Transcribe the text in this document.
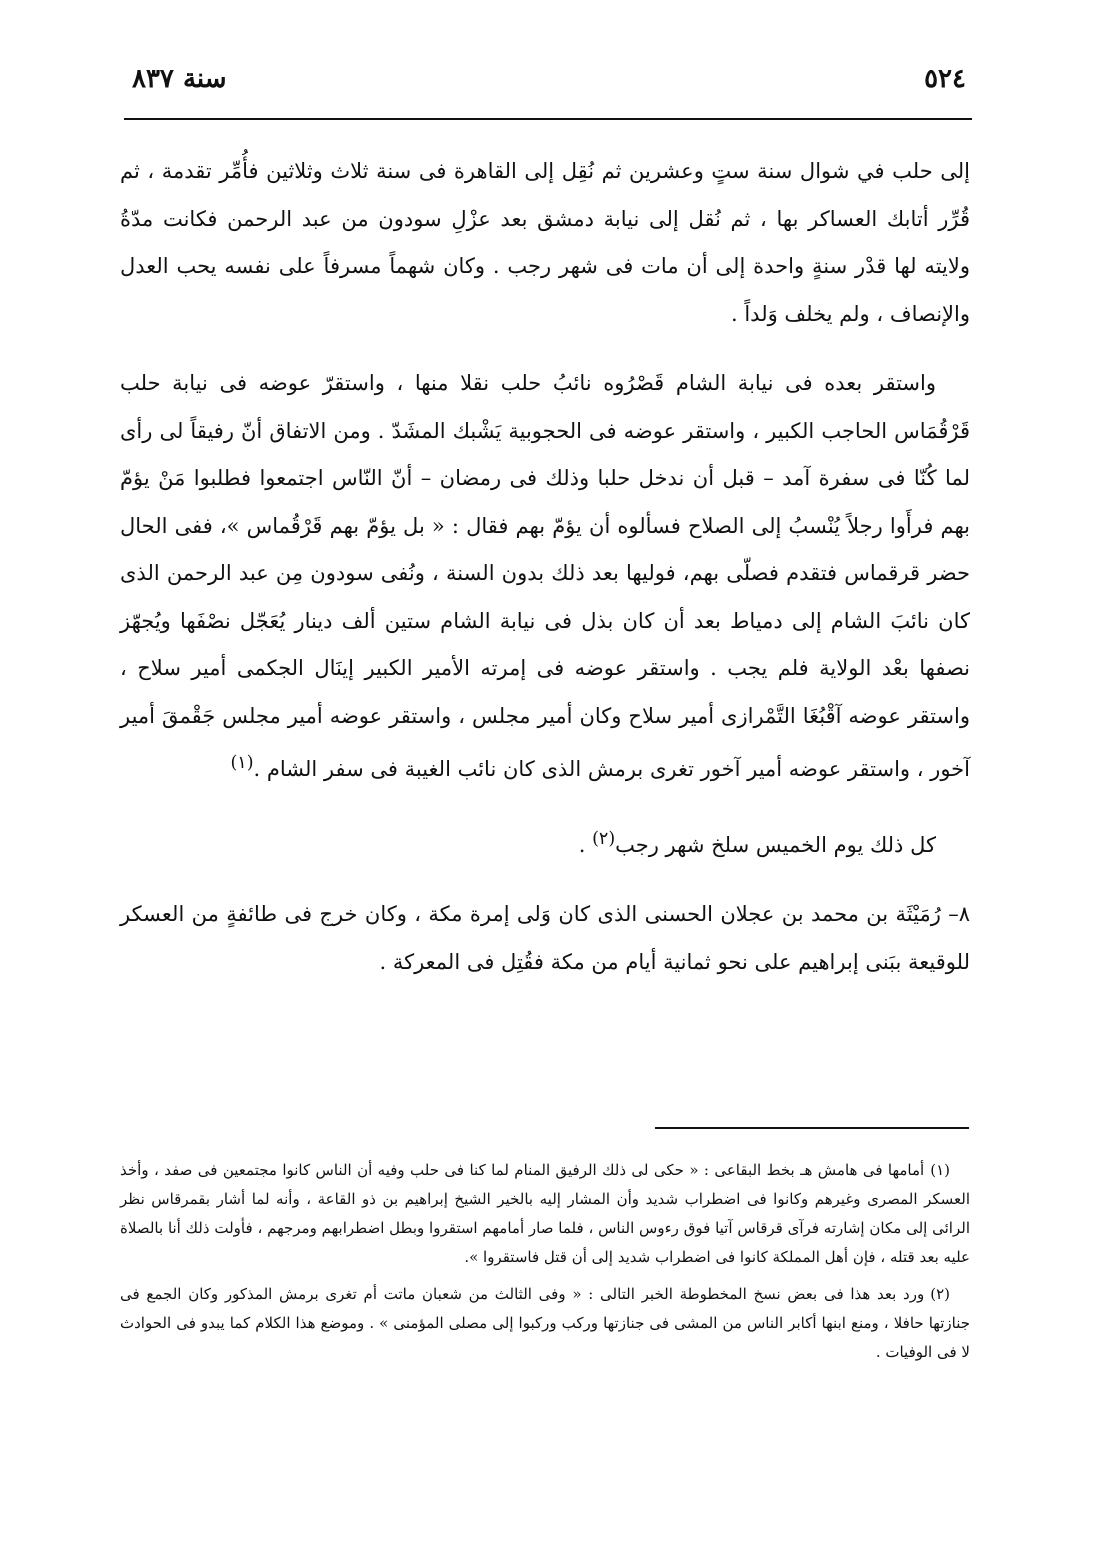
٥٢٤
سنة ٨٣٧

إلى حلب في شوال سنة ستٍ وعشرين ثم نُقِل إلى القاهرة فى سنة ثلاث وثلاثين فأُمِّر تقدمة ، ثم قُرِّر أتابك العساكر بها ، ثم نُقل إلى نيابة دمشق بعد عزْلِ سودون من عبد الرحمن فكانت مدّةُ ولايته لها قدْر سنةٍ واحدة إلى أن مات فى شهر رجب . وكان شهماً مسرفاً على نفسه يحب العدل والإنصاف ، ولم يخلف وَلداً .

واستقر بعده فى نيابة الشام قَصْرُوه نائبُ حلب نقلا منها ، واستقرّ عوضه فى نيابة حلب قَرْقُمَاس الحاجب الكبير ، واستقر عوضه فى الحجوبية يَشْبك المشَدّ . ومن الاتفاق أنّ رفيقاً لى رأى لما كُنّا فى سفرة آمد – قبل أن ندخل حلبا وذلك فى رمضان – أنّ النّاس اجتمعوا فطلبوا مَنْ يؤمّ بهم فرأَوا رجلاً يُنْسبُ إلى الصلاح فسألوه أن يؤمّ بهم فقال : « بل يؤمّ بهم قَرْقُماس »، ففى الحال حضر قرقماس فتقدم فصلّى بهم، فوليها بعد ذلك بدون السنة ، ونُفى سودون مِن عبد الرحمن الذى كان نائبَ الشام إلى دمياط بعد أن كان بذل فى نيابة الشام ستين ألف دينار يُعَجّل نصْفَها ويُجهّز نصفها بعْد الولاية فلم يجب . واستقر عوضه فى إمرته الأمير الكبير إينَال الجكمى أمير سلاح ، واستقر عوضه آقْبُغَا التَّمْرازى أمير سلاح وكان أمير مجلس ، واستقر عوضه أمير مجلس جَقْمقَ أمير آخور ، واستقر عوضه أمير آخور تغرى برمش الذى كان نائب الغيبة فى سفر الشام .$^{(١)}$

كل ذلك يوم الخميس سلخ شهر رجب$^{(٢)}$ .

٨– رُمَيْثَة بن محمد بن عجلان الحسنى الذى كان وَلى إمرة مكة ، وكان خرج فى طائفةٍ من العسكر للوقيعة ببَنى إبراهيم على نحو ثمانية أيام من مكة فقُتِل فى المعركة .

(١)أمامها فى هامش هـ بخط البقاعى : « حكى لى ذلك الرفيق المنام لما كنا فى حلب وفيه أن الناس كانوا مجتمعين فى صفد ، وأخذ العسكر المصرى وغيرهم وكانوا فى اضطراب شديد وأن المشار إليه بالخير الشيخ إبراهيم بن ذو القاعة ، وأنه لما أشار بقمرقاس نظر الرائى إلى مكان إشارته فرآى قرقاس آتيا فوق رءوس الناس ، فلما صار أمامهم استقروا وبطل اضطرابهم ومرجهم ، فأولت ذلك أنا بالصلاة عليه بعد قتله ، فإن أهل المملكة كانوا فى اضطراب شديد إلى أن قتل فاستقروا ».

(٢)ورد بعد هذا فى بعض نسخ المخطوطة الخبر التالى : « وفى الثالث من شعبان ماتت أم تغرى برمش المذكور وكان الجمع فى جنازتها حافلا ، ومنع ابنها أكابر الناس من المشى فى جنازتها وركب وركبوا إلى مصلى المؤمنى » . وموضع هذا الكلام كما يبدو فى الحوادث لا فى الوفيات .
